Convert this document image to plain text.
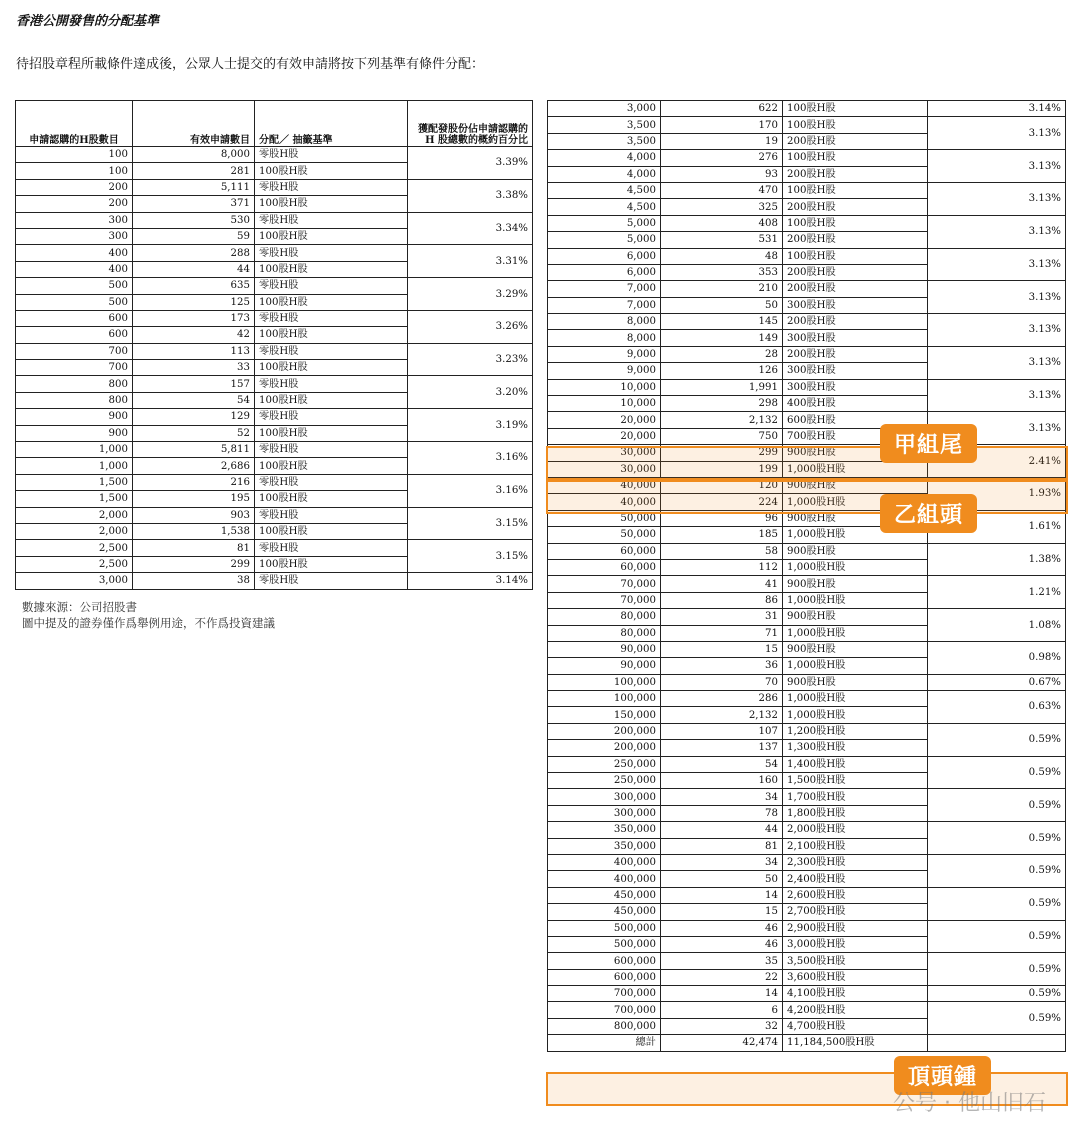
香港公開發售的分配基準
待招股章程所載條件達成後，公眾人士提交的有效申請將按下列基準有條件分配：
申請認購的H股數目	有效申請數目	分配／ 抽籤基準	獲配發股份佔申請認購的 H 股總數的概約百分比
100	8,000	零股H股	3.39%
100	281	100股H股	
200	5,111	零股H股	3.38%
200	371	100股H股	
300	530	零股H股	3.34%
300	59	100股H股	
400	288	零股H股	3.31%
400	44	100股H股	
500	635	零股H股	3.29%
500	125	100股H股	
600	173	零股H股	3.26%
600	42	100股H股	
700	113	零股H股	3.23%
700	33	100股H股	
800	157	零股H股	3.20%
800	54	100股H股	
900	129	零股H股	3.19%
900	52	100股H股	
1,000	5,811	零股H股	3.16%
1,000	2,686	100股H股	
1,500	216	零股H股	3.16%
1,500	195	100股H股	
2,000	903	零股H股	3.15%
2,000	1,538	100股H股	
2,500	81	零股H股	3.15%
2,500	299	100股H股	
3,000	38	零股H股	3.14%
3,000	622	100股H股	3.14%
3,500	170	100股H股	3.13%
3,500	19	200股H股	
4,000	276	100股H股	3.13%
4,000	93	200股H股	
4,500	470	100股H股	3.13%
4,500	325	200股H股	
5,000	408	100股H股	3.13%
5,000	531	200股H股	
6,000	48	100股H股	3.13%
6,000	353	200股H股	
7,000	210	200股H股	3.13%
7,000	50	300股H股	
8,000	145	200股H股	3.13%
8,000	149	300股H股	
9,000	28	200股H股	3.13%
9,000	126	300股H股	
10,000	1,991	300股H股	3.13%
10,000	298	400股H股	
20,000	2,132	600股H股	3.13%
20,000	750	700股H股	
30,000	299	900股H股	2.41%
30,000	199	1,000股H股	
40,000	120	900股H股	1.93%
40,000	224	1,000股H股	
50,000	96	900股H股	1.61%
50,000	185	1,000股H股	
60,000	58	900股H股	1.38%
60,000	112	1,000股H股	
70,000	41	900股H股	1.21%
70,000	86	1,000股H股	
80,000	31	900股H股	1.08%
80,000	71	1,000股H股	
90,000	15	900股H股	0.98%
90,000	36	1,000股H股	
100,000	70	900股H股	0.67%
100,000	286	1,000股H股	0.63%
150,000	2,132	1,000股H股	
200,000	107	1,200股H股	0.59%
200,000	137	1,300股H股	
250,000	54	1,400股H股	0.59%
250,000	160	1,500股H股	
300,000	34	1,700股H股	0.59%
300,000	78	1,800股H股	
350,000	44	2,000股H股	0.59%
350,000	81	2,100股H股	
400,000	34	2,300股H股	0.59%
400,000	50	2,400股H股	
450,000	14	2,600股H股	0.59%
450,000	15	2,700股H股	
500,000	46	2,900股H股	0.59%
500,000	46	3,000股H股	
600,000	35	3,500股H股	0.59%
600,000	22	3,600股H股	
700,000	14	4,100股H股	0.59%
700,000	6	4,200股H股	0.59%
800,000	32	4,700股H股	
總計	42,474	11,184,500股H股	
數據來源：公司招股書
圖中提及的證券僅作爲舉例用途，不作爲投資建議
甲組尾
乙組頭
頂頭鍾
公号 · 他山旧石
